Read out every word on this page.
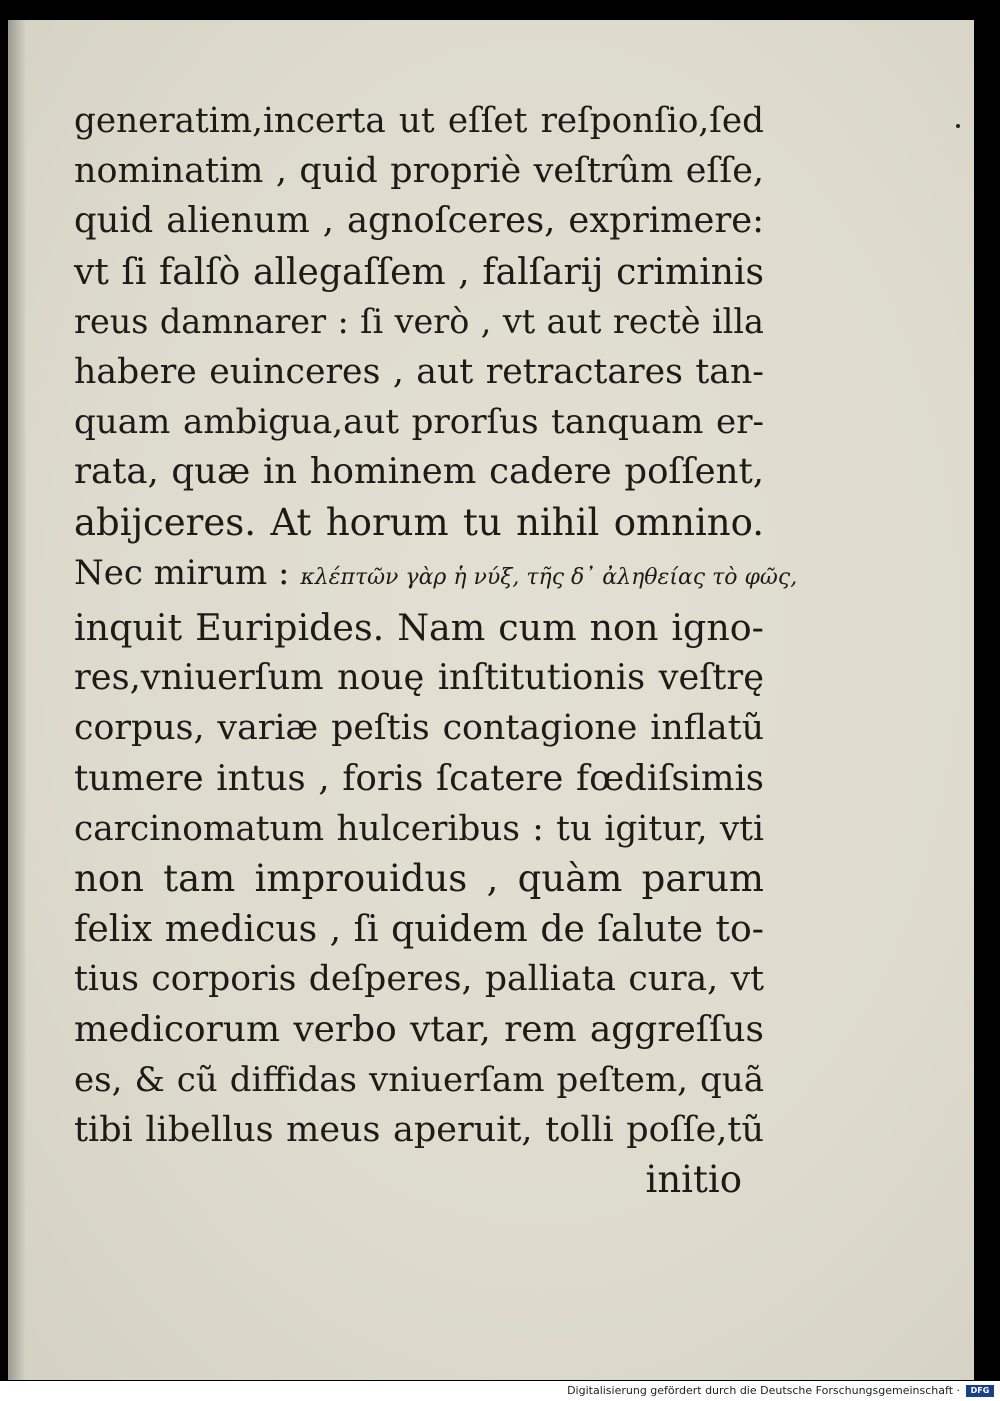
generatim,incerta ut eſſet reſponſio,ſed
nominatim , quid propriè veſtrûm eſſe,
quid alienum , agnoſceres, exprimere:
vt ſi falſò allegaſſem , falſarij criminis
reus damnarer : ſi verò , vt aut rectè illa
habere euinceres , aut retractares tan-
quam ambigua,aut prorſus tanquam er-
rata, quæ in hominem cadere poſſent,
abijceres. At horum tu nihil omnino.
Nec mirum : κλέπτῶν γὰρ ἡ νύξ, τῆς δ᾽ ἀληθείας τὸ φῶς,
inquit Euripides. Nam cum non igno-
res,vniuerſum nouę inſtitutionis veſtrę
corpus, variæ peſtis contagione inflatũ
tumere intus , foris ſcatere fœdiſsimis
carcinomatum hulceribus : tu igitur, vti
non tam improuidus , quàm parum
felix medicus , ſi quidem de ſalute to-
tius corporis deſperes, palliata cura, vt
medicorum verbo vtar, rem aggreſſus
es, & cũ diffidas vniuerſam peſtem, quã
tibi libellus meus aperuit, tolli poſſe,tũ
initio
Digitalisierung gefördert durch die Deutsche Forschungsgemeinschaft ·	DFG
